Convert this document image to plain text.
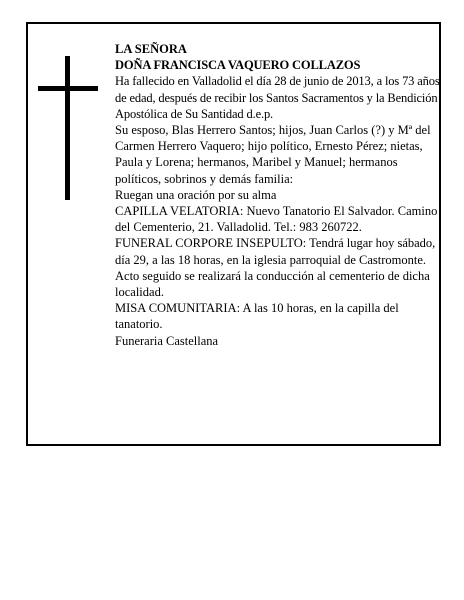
LA SEÑORA

DOÑA FRANCISCA VAQUERO COLLAZOS

Ha fallecido en Valladolid el día 28 de junio de 2013, a los 73 años de edad, después de recibir los Santos Sacramentos y la Bendición Apostólica de Su Santidad d.e.p.

Su esposo, Blas Herrero Santos; hijos, Juan Carlos (?) y Mª del Carmen Herrero Vaquero; hijo político, Ernesto Pérez; nietas, Paula y Lorena; hermanos, Maribel y Manuel; hermanos políticos, sobrinos y demás familia:

Ruegan una oración por su alma

CAPILLA VELATORIA: Nuevo Tanatorio El Salvador. Camino del Cementerio, 21. Valladolid. Tel.: 983 260722.

FUNERAL CORPORE INSEPULTO: Tendrá lugar hoy sábado, día 29, a las 18 horas, en la iglesia parroquial de Castromonte. Acto seguido se realizará la conducción al cementerio de dicha localidad.

MISA COMUNITARIA: A las 10 horas, en la capilla del tanatorio.

Funeraria Castellana
